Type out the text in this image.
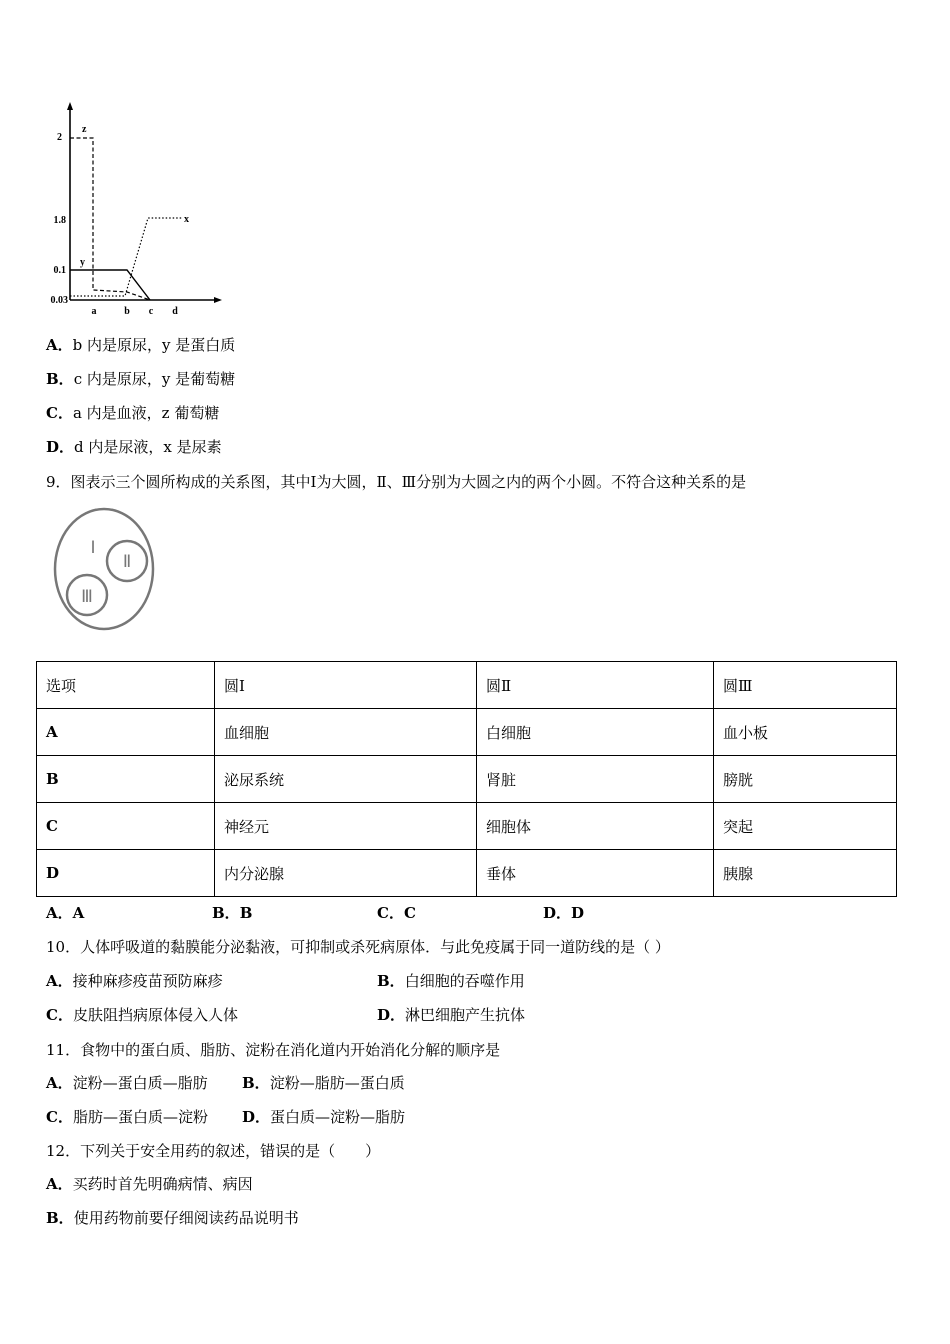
2
1.8
0.1
0.03
a	b c d
z
y
x
A．b 内是原尿，y 是蛋白质
B．c 内是原尿，y 是葡萄糖
C．a 内是血液，z 葡萄糖
D．d 内是尿液，x 是尿素
9．图表示三个圆所构成的关系图，其中Ⅰ为大圆，Ⅱ、Ⅲ分别为大圆之内的两个小圆。不符合这种关系的是
Ⅰ
Ⅱ
Ⅲ
选项	圆Ⅰ	圆Ⅱ	圆Ⅲ
A	血细胞	白细胞	血小板
B	泌尿系统	肾脏	膀胱
C	神经元	细胞体	突起
D	内分泌腺	垂体	胰腺
A．A	B．B	C．C	D．D
10．人体呼吸道的黏膜能分泌黏液，可抑制或杀死病原体．与此免疫属于同一道防线的是（ ）
A．接种麻疹疫苗预防麻疹	B．白细胞的吞噬作用
C．皮肤阻挡病原体侵入人体	D．淋巴细胞产生抗体
11．食物中的蛋白质、脂肪、淀粉在消化道内开始消化分解的顺序是
A．淀粉—蛋白质—脂肪 B．淀粉—脂肪—蛋白质
C．脂肪—蛋白质—淀粉 D．蛋白质—淀粉—脂肪
12．下列关于安全用药的叙述，错误的是（　　）
A．买药时首先明确病情、病因
B．使用药物前要仔细阅读药品说明书
